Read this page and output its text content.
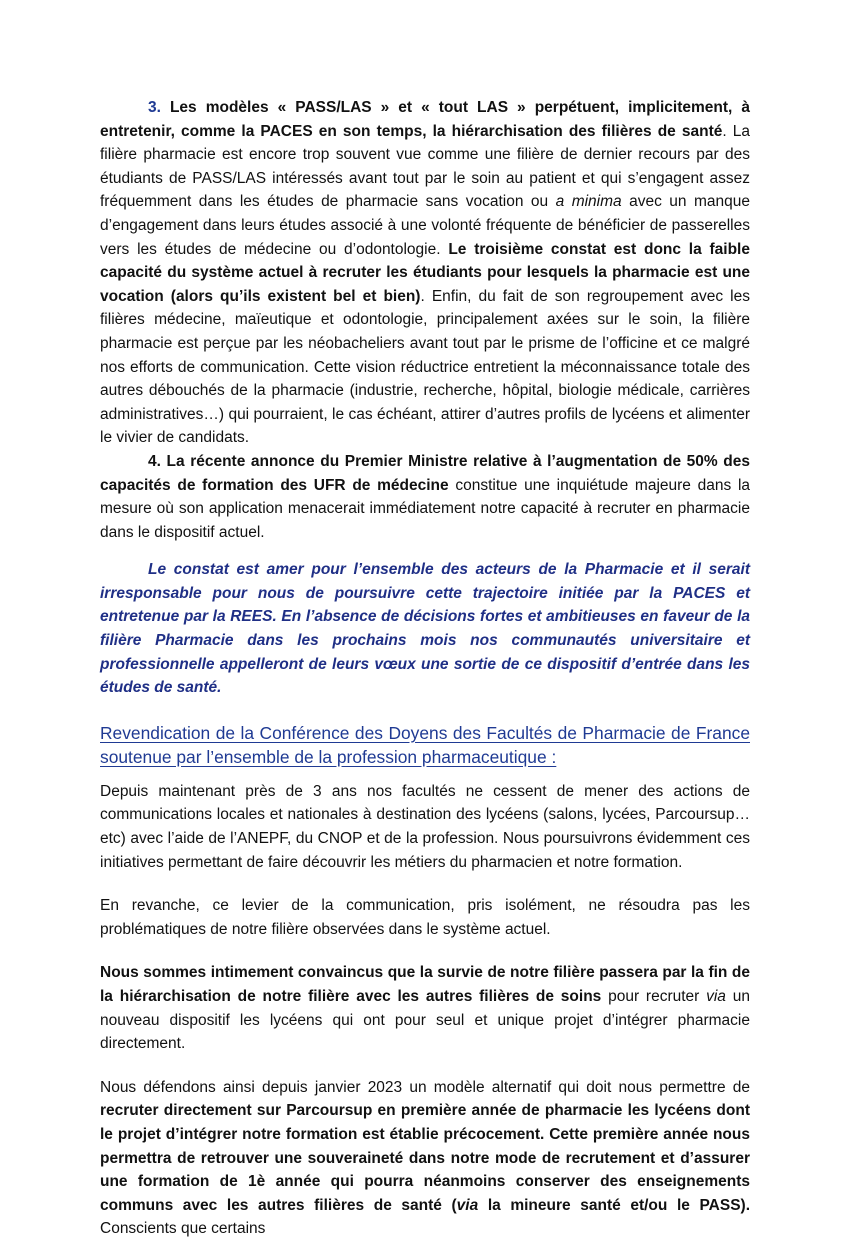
3. Les modèles « PASS/LAS » et « tout LAS » perpétuent, implicitement, à entretenir, comme la PACES en son temps, la hiérarchisation des filières de santé. La filière pharmacie est encore trop souvent vue comme une filière de dernier recours par des étudiants de PASS/LAS intéressés avant tout par le soin au patient et qui s’engagent assez fréquemment dans les études de pharmacie sans vocation ou a minima avec un manque d’engagement dans leurs études associé à une volonté fréquente de bénéficier de passerelles vers les études de médecine ou d’odontologie. Le troisième constat est donc la faible capacité du système actuel à recruter les étudiants pour lesquels la pharmacie est une vocation (alors qu’ils existent bel et bien). Enfin, du fait de son regroupement avec les filières médecine, maïeutique et odontologie, principalement axées sur le soin, la filière pharmacie est perçue par les néobacheliers avant tout par le prisme de l’officine et ce malgré nos efforts de communication. Cette vision réductrice entretient la méconnaissance totale des autres débouchés de la pharmacie (industrie, recherche, hôpital, biologie médicale, carrières administratives…) qui pourraient, le cas échéant, attirer d’autres profils de lycéens et alimenter le vivier de candidats.

4. La récente annonce du Premier Ministre relative à l’augmentation de 50% des capacités de formation des UFR de médecine constitue une inquiétude majeure dans la mesure où son application menacerait immédiatement notre capacité à recruter en pharmacie dans le dispositif actuel.

Le constat est amer pour l’ensemble des acteurs de la Pharmacie et il serait irresponsable pour nous de poursuivre cette trajectoire initiée par la PACES et entretenue par la REES. En l’absence de décisions fortes et ambitieuses en faveur de la filière Pharmacie dans les prochains mois nos communautés universitaire et professionnelle appelleront de leurs vœux une sortie de ce dispositif d’entrée dans les études de santé.

Revendication de la Conférence des Doyens des Facultés de Pharmacie de France soutenue par l’ensemble de la profession pharmaceutique :

Depuis maintenant près de 3 ans nos facultés ne cessent de mener des actions de communications locales et nationales à destination des lycéens (salons, lycées, Parcoursup…etc) avec l’aide de l’ANEPF, du CNOP et de la profession. Nous poursuivrons évidemment ces initiatives permettant de faire découvrir les métiers du pharmacien et notre formation.

En revanche, ce levier de la communication, pris isolément, ne résoudra pas les problématiques de notre filière observées dans le système actuel.

Nous sommes intimement convaincus que la survie de notre filière passera par la fin de la hiérarchisation de notre filière avec les autres filières de soins pour recruter via un nouveau dispositif les lycéens qui ont pour seul et unique projet d’intégrer pharmacie directement.

Nous défendons ainsi depuis janvier 2023 un modèle alternatif qui doit nous permettre de recruter directement sur Parcoursup en première année de pharmacie les lycéens dont le projet d’intégrer notre formation est établie précocement. Cette première année nous permettra de retrouver une souveraineté dans notre mode de recrutement et d’assurer une formation de 1è année qui pourra néanmoins conserver des enseignements communs avec les autres filières de santé (via la mineure santé et/ou le PASS). Conscients que certains
